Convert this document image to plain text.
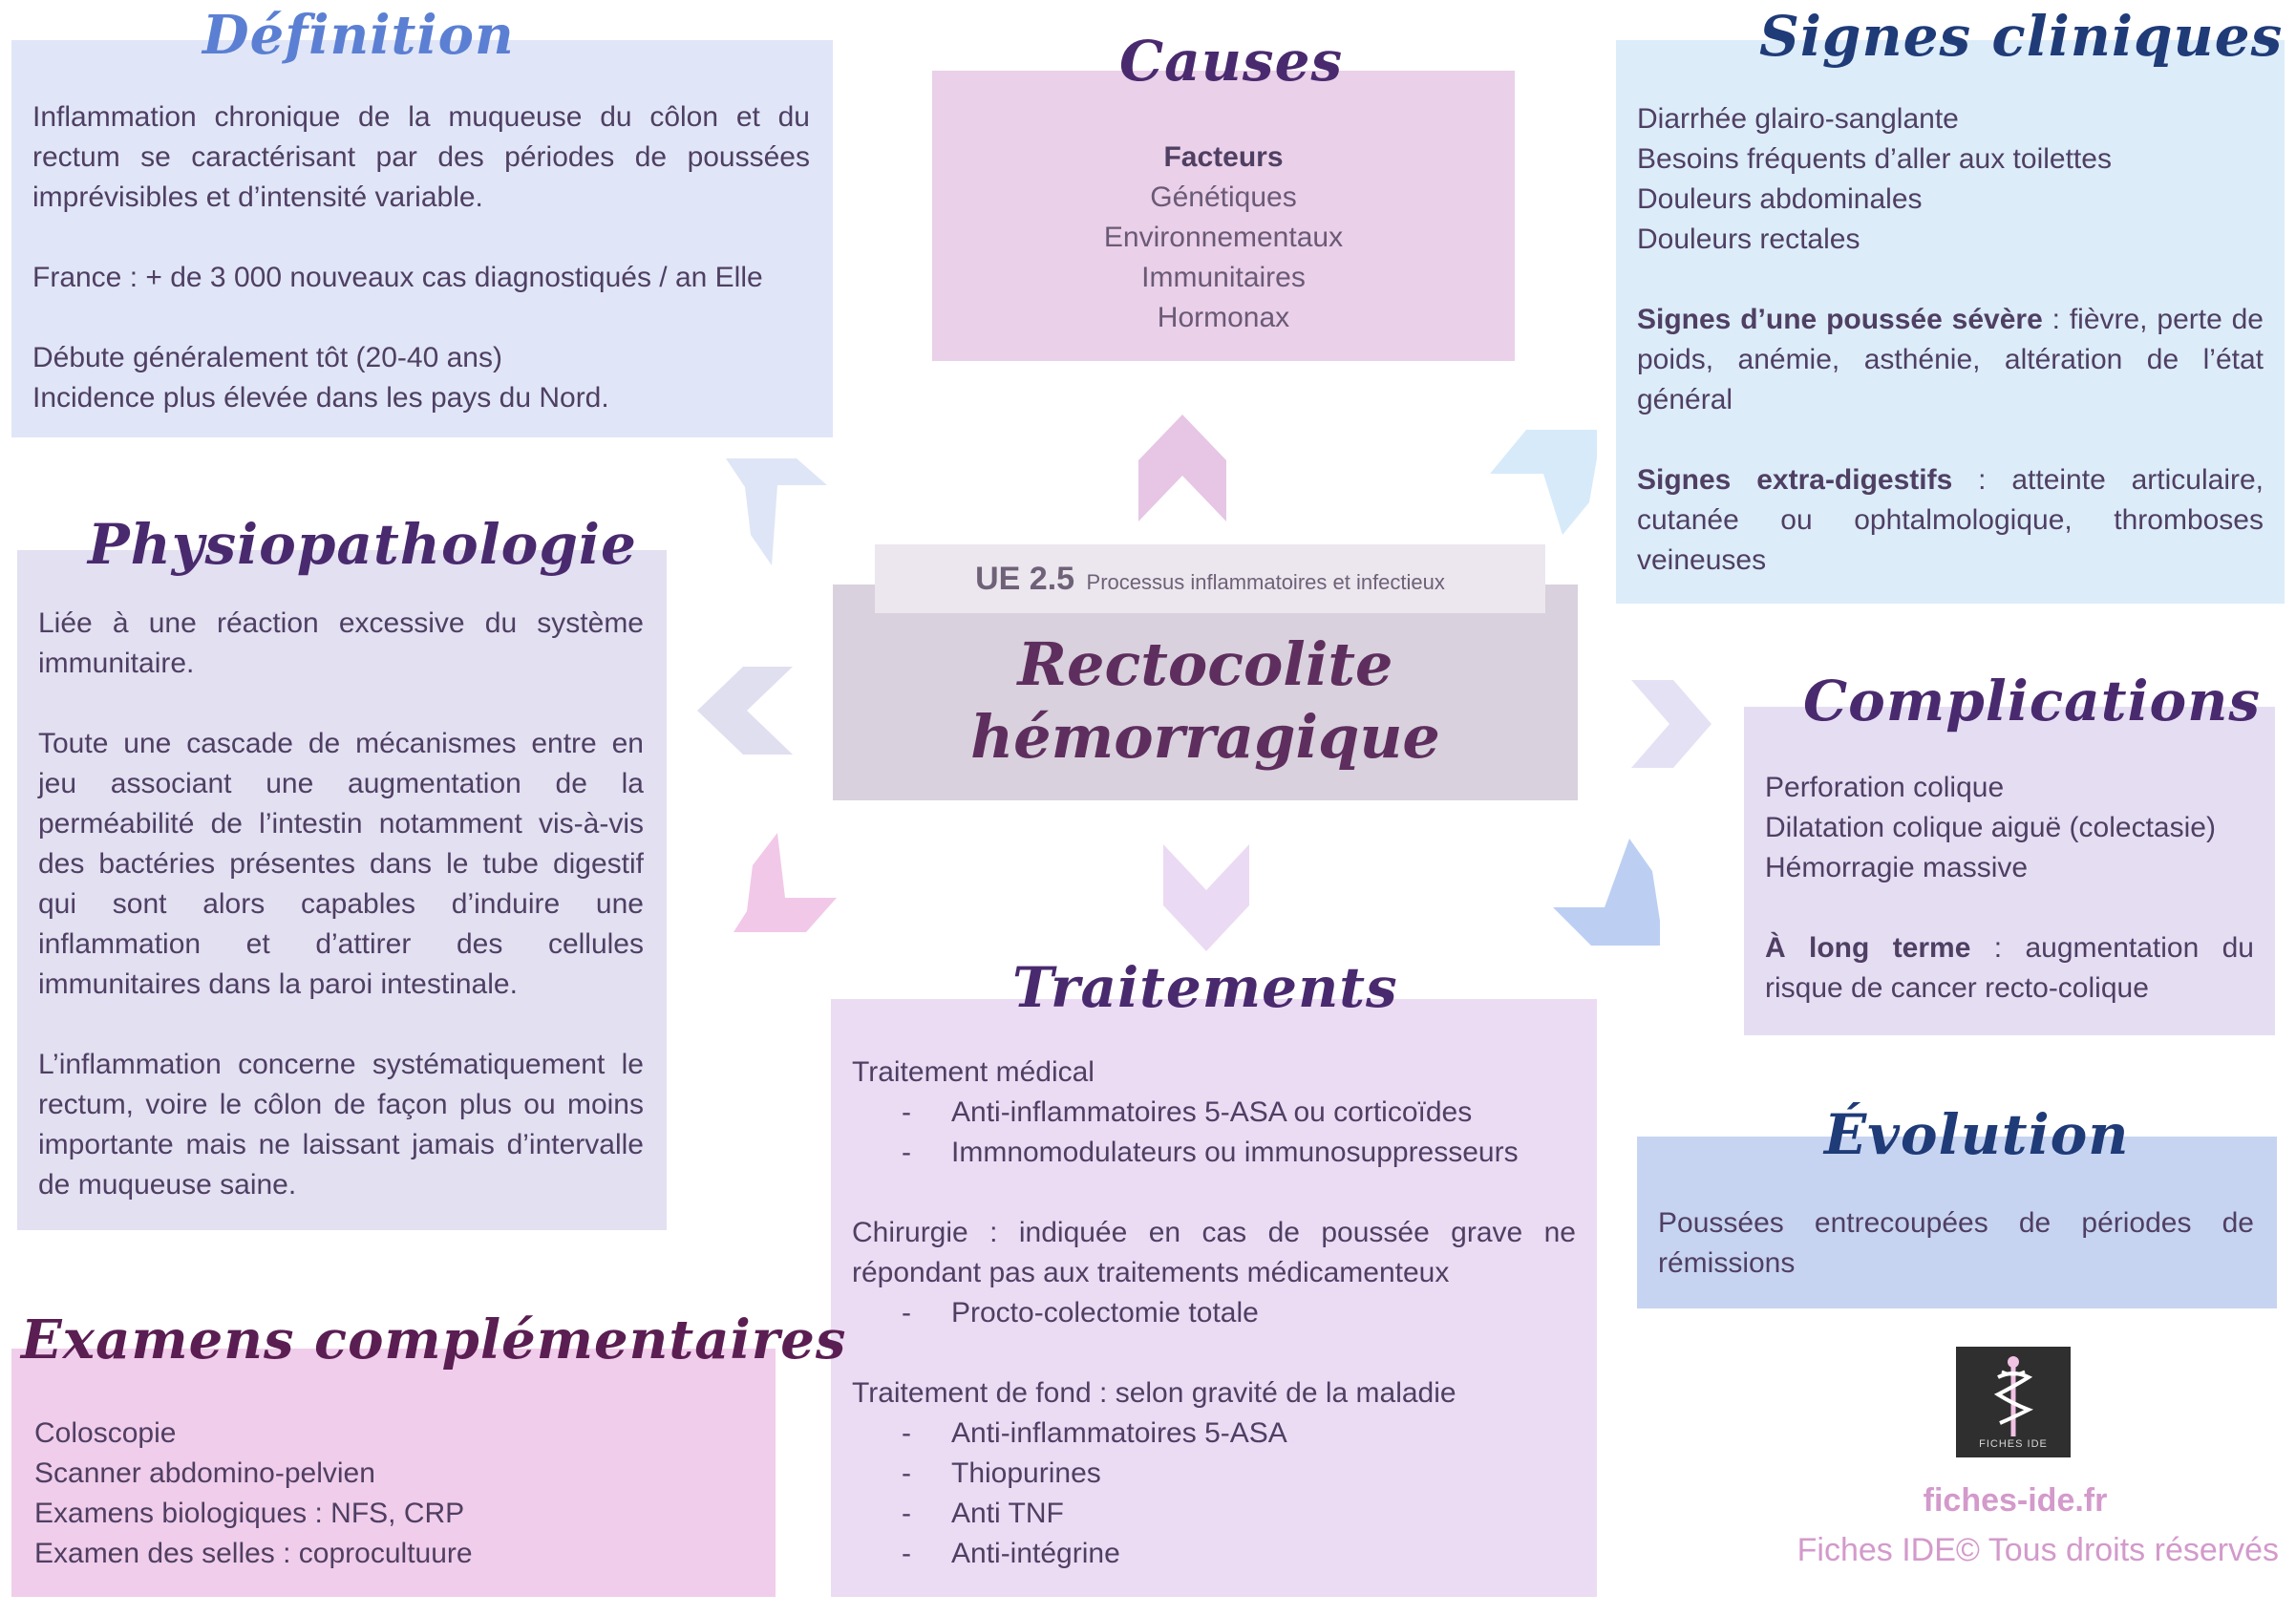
Inflammation chronique de la muqueuse du côlon et du rectum se caractérisant par des périodes de poussées imprévisibles et d’intensité variable.

France : + de 3 000 nouveaux cas diagnostiqués / an Elle

Débute généralement tôt (20-40 ans)

Incidence plus élevée dans les pays du Nord.

Définition

Facteurs

Génétiques

Environnementaux

Immunitaires

Hormonax

Causes

Diarrhée glairo-sanglante

Besoins fréquents d’aller aux toilettes

Douleurs abdominales

Douleurs rectales

Signes d’une poussée sévère : fièvre, perte de poids, anémie, asthénie, altération de l’état général

Signes extra-digestifs : atteinte articulaire, cutanée ou ophtalmologique, thromboses veineuses

Signes cliniques

Liée à une réaction excessive du système immunitaire.

Toute une cascade de mécanismes entre en jeu associant une augmentation de la perméabilité de l’intestin notamment vis-à-vis des bactéries présentes dans le tube digestif qui sont alors capables d’induire une inflammation et d’attirer des cellules immunitaires dans la paroi intestinale.

L’inflammation concerne systématiquement le rectum, voire le côlon de façon plus ou moins importante mais ne laissant jamais d’intervalle de muqueuse saine.

Physiopathologie
Rectocolite
hémorragique
UE 2.5 Processus inflammatoires et infectieux

Perforation colique

Dilatation colique aiguë (colectasie)

Hémorragie massive

À long terme : augmentation du risque de cancer recto-colique

Complications

Poussées entrecoupées de périodes de rémissions

Évolution

Traitement médical

-	Anti-inflammatoires 5-ASA ou corticoïdes
-	Immnomodulateurs ou immunosuppresseurs

Chirurgie : indiquée en cas de poussée grave ne répondant pas aux traitements médicamenteux

-	Procto-colectomie totale

Traitement de fond : selon gravité de la maladie

-	Anti-inflammatoires 5-ASA
-	Thiopurines
-	Anti TNF
-	Anti-intégrine
Traitements

Coloscopie

Scanner abdomino-pelvien

Examens biologiques : NFS, CRP

Examen des selles : coprocultuure

Examens complémentaires
FICHES IDE
fiches-ide.fr
Fiches IDE© Tous droits réservés
